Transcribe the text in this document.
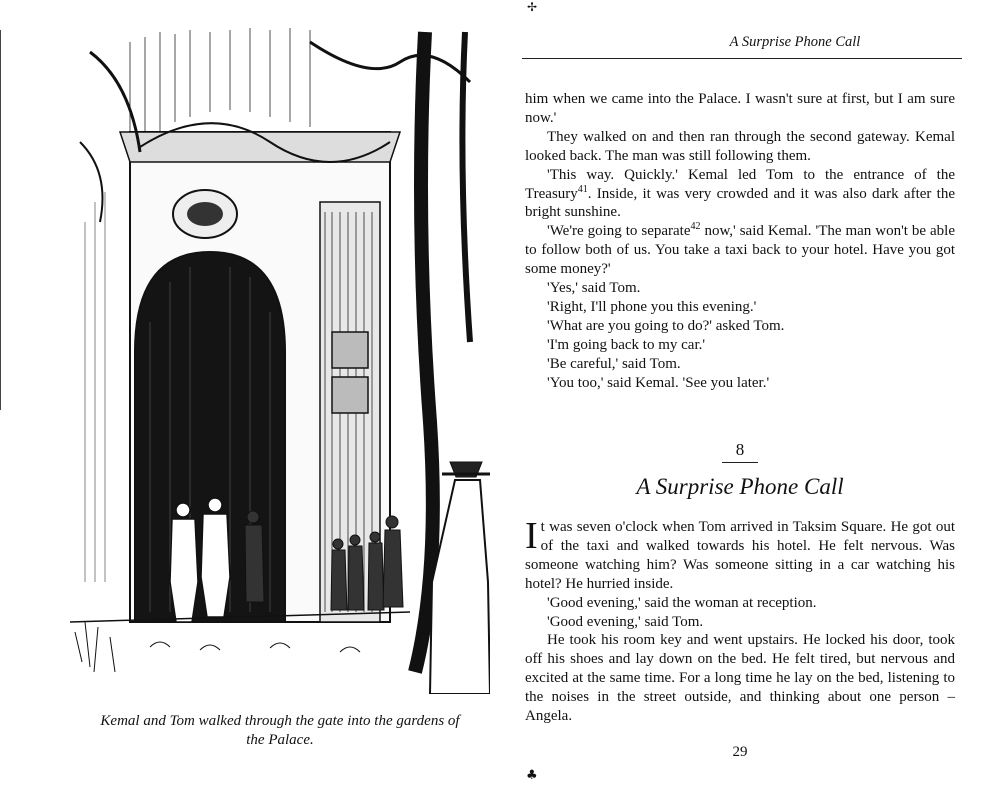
Kemal and Tom walked through the gate into the gardens of
the Palace.
✢
A Surprise Phone Call

him when we came into the Palace. I wasn't sure at first, but I am sure now.'

They walked on and then ran through the second gateway. Kemal looked back. The man was still following them.

'This way. Quickly.' Kemal led Tom to the entrance of the Treasury$^{41}$. Inside, it was very crowded and it was also dark after the bright sunshine.

'We're going to separate$^{42}$ now,' said Kemal. 'The man won't be able to follow both of us. You take a taxi back to your hotel. Have you got some money?'

'Yes,' said Tom.

'Right, I'll phone you this evening.'

'What are you going to do?' asked Tom.

'I'm going back to my car.'

'Be careful,' said Tom.

'You too,' said Kemal. 'See you later.'

8
A Surprise Phone Call

It was seven o'clock when Tom arrived in Taksim Square. He got out of the taxi and walked towards his hotel. He felt nervous. Was someone watching him? Was someone sitting in a car watching his hotel? He hurried inside.

'Good evening,' said the woman at reception.

'Good evening,' said Tom.

He took his room key and went upstairs. He locked his door, took off his shoes and lay down on the bed. He felt tired, but nervous and excited at the same time. For a long time he lay on the bed, listening to the noises in the street outside, and thinking about one person – Angela.

29
♣
